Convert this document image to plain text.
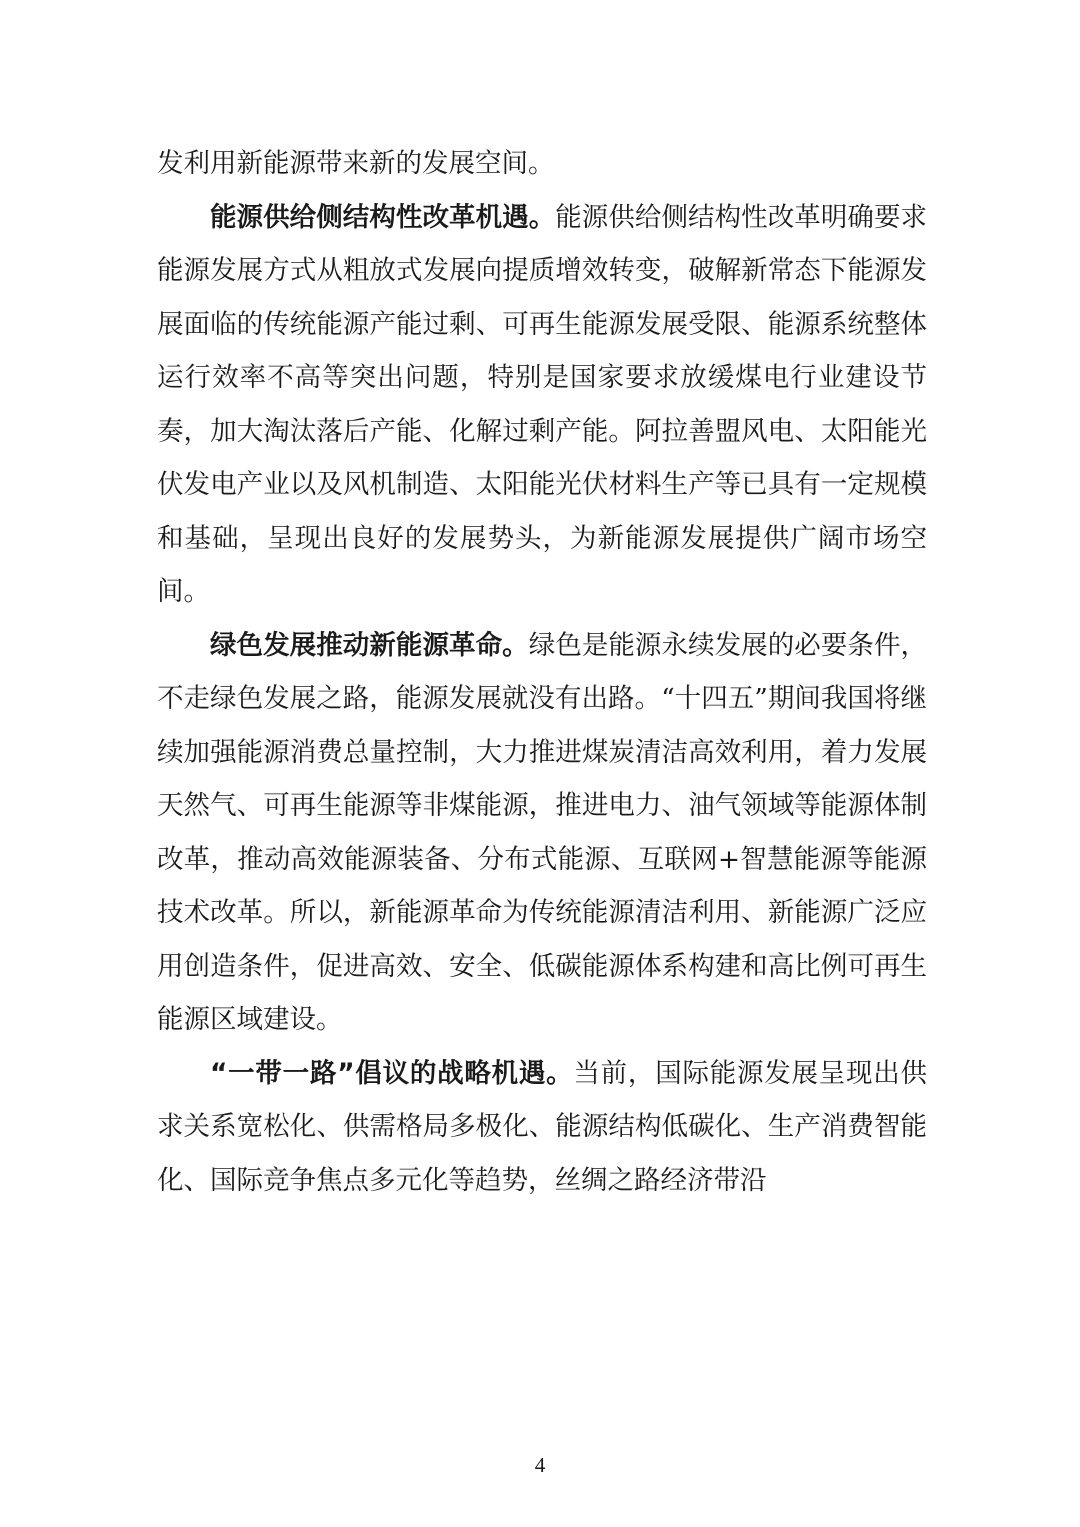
发利用新能源带来新的发展空间。

能源供给侧结构性改革机遇。能源供给侧结构性改革明确要求能源发展方式从粗放式发展向提质增效转变，破解新常态下能源发展面临的传统能源产能过剩、可再生能源发展受限、能源系统整体运行效率不高等突出问题，特别是国家要求放缓煤电行业建设节奏，加大淘汰落后产能、化解过剩产能。阿拉善盟风电、太阳能光伏发电产业以及风机制造、太阳能光伏材料生产等已具有一定规模和基础，呈现出良好的发展势头，为新能源发展提供广阔市场空间。

绿色发展推动新能源革命。绿色是能源永续发展的必要条件，不走绿色发展之路，能源发展就没有出路。“十四五”期间我国将继续加强能源消费总量控制，大力推进煤炭清洁高效利用，着力发展天然气、可再生能源等非煤能源，推进电力、油气领域等能源体制改革，推动高效能源装备、分布式能源、互联网+智慧能源等能源技术改革。所以，新能源革命为传统能源清洁利用、新能源广泛应用创造条件，促进高效、安全、低碳能源体系构建和高比例可再生能源区域建设。

“一带一路”倡议的战略机遇。当前，国际能源发展呈现出供求关系宽松化、供需格局多极化、能源结构低碳化、生产消费智能化、国际竞争焦点多元化等趋势，丝绸之路经济带沿

4
